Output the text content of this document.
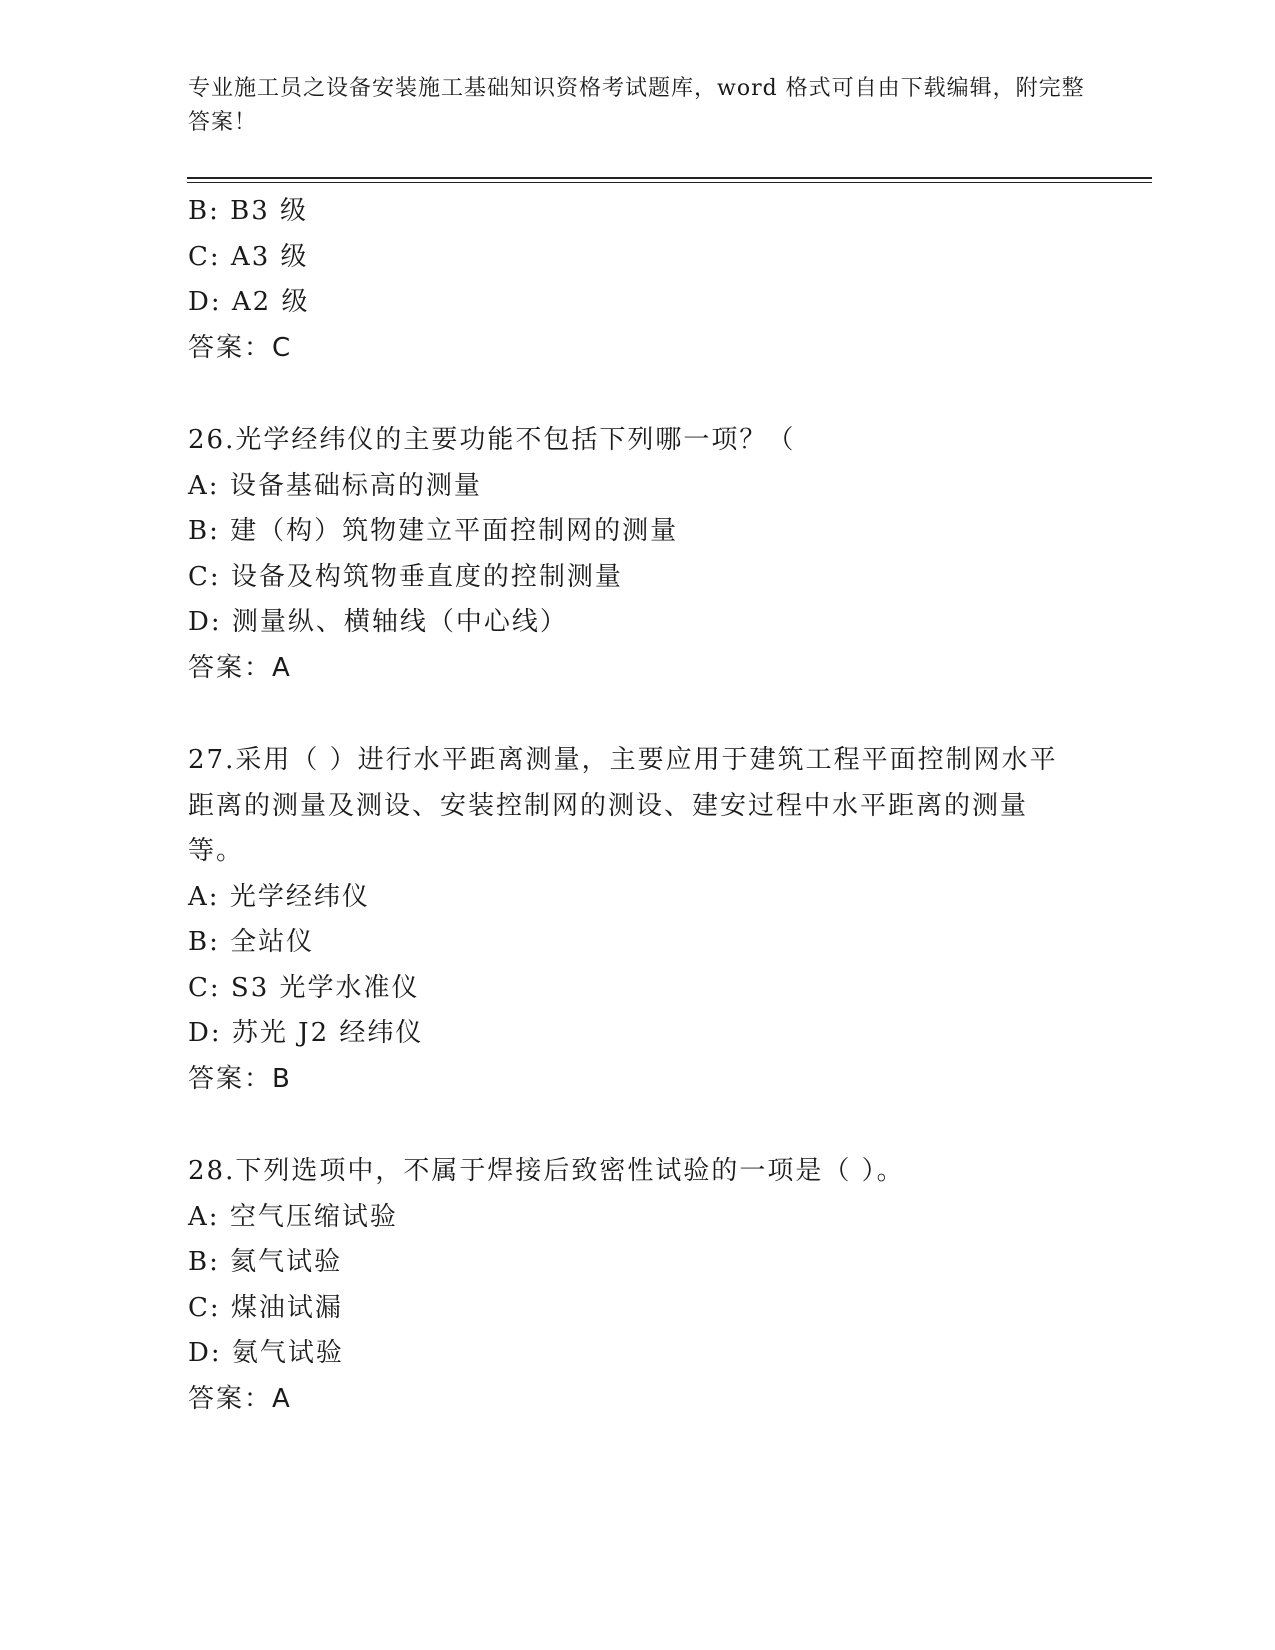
专业施工员之设备安装施工基础知识资格考试题库，word 格式可自由下载编辑，附完整答案！

B: B3 级

C: A3 级

D: A2 级

答案：C

26.光学经纬仪的主要功能不包括下列哪一项？（

A: 设备基础标高的测量

B: 建（构）筑物建立平面控制网的测量

C: 设备及构筑物垂直度的控制测量

D: 测量纵、横轴线（中心线）

答案：A

27.采用（ ）进行水平距离测量，主要应用于建筑工程平面控制网水平距离的测量及测设、安装控制网的测设、建安过程中水平距离的测量等。

A: 光学经纬仪

B: 全站仪

C: S3 光学水准仪

D: 苏光 J2 经纬仪

答案：B

28.下列选项中，不属于焊接后致密性试验的一项是（ ）。

A: 空气压缩试验

B: 氦气试验

C: 煤油试漏

D: 氨气试验

答案：A
